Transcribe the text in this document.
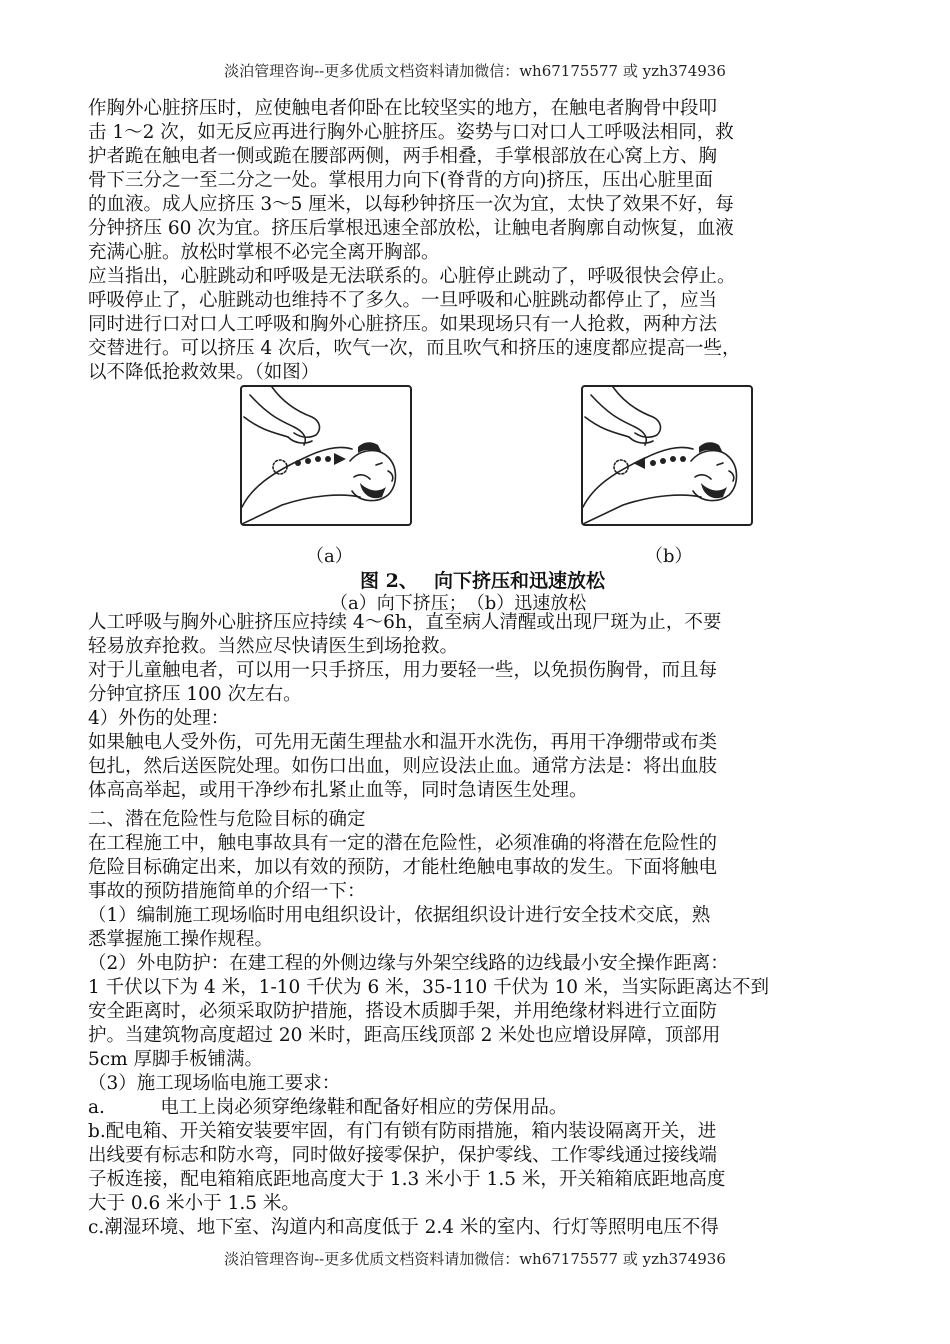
淡泊管理咨询--更多优质文档资料请加微信：wh67175577 或 yzh374936
作胸外心脏挤压时，应使触电者仰卧在比较坚实的地方，在触电者胸骨中段叩
击 1～2 次，如无反应再进行胸外心脏挤压。姿势与口对口人工呼吸法相同，救
护者跪在触电者一侧或跪在腰部两侧，两手相叠，手掌根部放在心窝上方、胸
骨下三分之一至二分之一处。掌根用力向下(脊背的方向)挤压，压出心脏里面
的血液。成人应挤压 3～5 厘米，以每秒钟挤压一次为宜，太快了效果不好，每
分钟挤压 60 次为宜。挤压后掌根迅速全部放松，让触电者胸廓自动恢复，血液
充满心脏。放松时掌根不必完全离开胸部。
应当指出，心脏跳动和呼吸是无法联系的。心脏停止跳动了，呼吸很快会停止。
呼吸停止了，心脏跳动也维持不了多久。一旦呼吸和心脏跳动都停止了，应当
同时进行口对口人工呼吸和胸外心脏挤压。如果现场只有一人抢救，两种方法
交替进行。可以挤压 4 次后，吹气一次，而且吹气和挤压的速度都应提高一些，
以不降低抢救效果。（如图）
（a）	（b）
图 2、　 向下挤压和迅速放松
（a）向下挤压；　（b）迅速放松
人工呼吸与胸外心脏挤压应持续 4～6h，直至病人清醒或出现尸斑为止，不要
轻易放弃抢救。当然应尽快请医生到场抢救。
对于儿童触电者，可以用一只手挤压，用力要轻一些，以免损伤胸骨，而且每
分钟宜挤压 100 次左右。
4）外伤的处理：
如果触电人受外伤，可先用无菌生理盐水和温开水洗伤，再用干净绷带或布类
包扎，然后送医院处理。如伤口出血，则应设法止血。通常方法是：将出血肢
体高高举起，或用干净纱布扎紧止血等，同时急请医生处理。
二、潜在危险性与危险目标的确定
在工程施工中，触电事故具有一定的潜在危险性，必须准确的将潜在危险性的
危险目标确定出来，加以有效的预防，才能杜绝触电事故的发生。下面将触电
事故的预防措施简单的介绍一下：
（1）编制施工现场临时用电组织设计，依据组织设计进行安全技术交底，熟
悉掌握施工操作规程。
（2）外电防护：在建工程的外侧边缘与外架空线路的边线最小安全操作距离：
1 千伏以下为 4 米，1-10 千伏为 6 米，35-110 千伏为 10 米，当实际距离达不到
安全距离时，必须采取防护措施，搭设木质脚手架，并用绝缘材料进行立面防
护。当建筑物高度超过 20 米时，距高压线顶部 2 米处也应增设屏障，顶部用
5cm 厚脚手板铺满。
（3）施工现场临电施工要求：
a.　　　电工上岗必须穿绝缘鞋和配备好相应的劳保用品。
b.配电箱、开关箱安装要牢固，有门有锁有防雨措施，箱内装设隔离开关，进
出线要有标志和防水弯，同时做好接零保护，保护零线、工作零线通过接线端
子板连接，配电箱箱底距地高度大于 1.3 米小于 1.5 米，开关箱箱底距地高度
大于 0.6 米小于 1.5 米。
c.潮湿环境、地下室、沟道内和高度低于 2.4 米的室内、行灯等照明电压不得
淡泊管理咨询--更多优质文档资料请加微信：wh67175577 或 yzh374936
